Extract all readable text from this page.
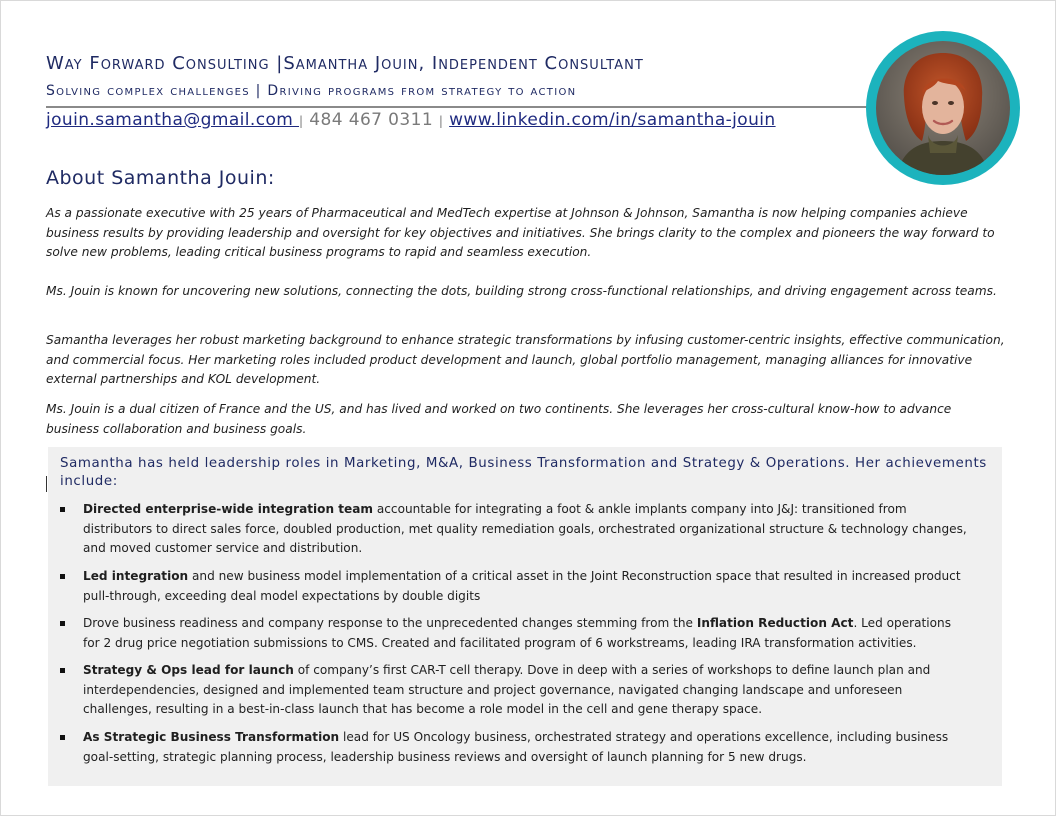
Way Forward Consulting |Samantha Jouin, Independent Consultant
Solving complex challenges | Driving programs from strategy to action
jouin.samantha@gmail.com | 484 467 0311 | www.linkedin.com/in/samantha-jouin
About Samantha Jouin:

As a passionate executive with 25 years of Pharmaceutical and MedTech expertise at Johnson & Johnson, Samantha is now helping companies achieve business results by providing leadership and oversight for key objectives and initiatives. She brings clarity to the complex and pioneers the way forward to solve new problems, leading critical business programs to rapid and seamless execution.

Ms. Jouin is known for uncovering new solutions, connecting the dots, building strong cross-functional relationships, and driving engagement across teams.

Samantha leverages her robust marketing background to enhance strategic transformations by infusing customer-centric insights, effective communication, and commercial focus. Her marketing roles included product development and launch, global portfolio management, managing alliances for innovative external partnerships and KOL development.

Ms. Jouin is a dual citizen of France and the US, and has lived and worked on two continents. She leverages her cross-cultural know-how to advance business collaboration and business goals.

Samantha has held leadership roles in Marketing, M&A, Business Transformation and Strategy & Operations. Her achievements include:

Directed enterprise-wide integration team accountable for integrating a foot & ankle implants company into J&J: transitioned from distributors to direct sales force, doubled production, met quality remediation goals, orchestrated organizational structure & technology changes, and moved customer service and distribution.
Led integration and new business model implementation of a critical asset in the Joint Reconstruction space that resulted in increased product pull-through, exceeding deal model expectations by double digits
Drove business readiness and company response to the unprecedented changes stemming from the Inflation Reduction Act. Led operations for 2 drug price negotiation submissions to CMS. Created and facilitated program of 6 workstreams, leading IRA transformation activities.
Strategy & Ops lead for launch of company’s first CAR-T cell therapy. Dove in deep with a series of workshops to define launch plan and interdependencies, designed and implemented team structure and project governance, navigated changing landscape and unforeseen challenges, resulting in a best-in-class launch that has become a role model in the cell and gene therapy space.
As Strategic Business Transformation lead for US Oncology business, orchestrated strategy and operations excellence, including business goal-setting, strategic planning process, leadership business reviews and oversight of launch planning for 5 new drugs.
